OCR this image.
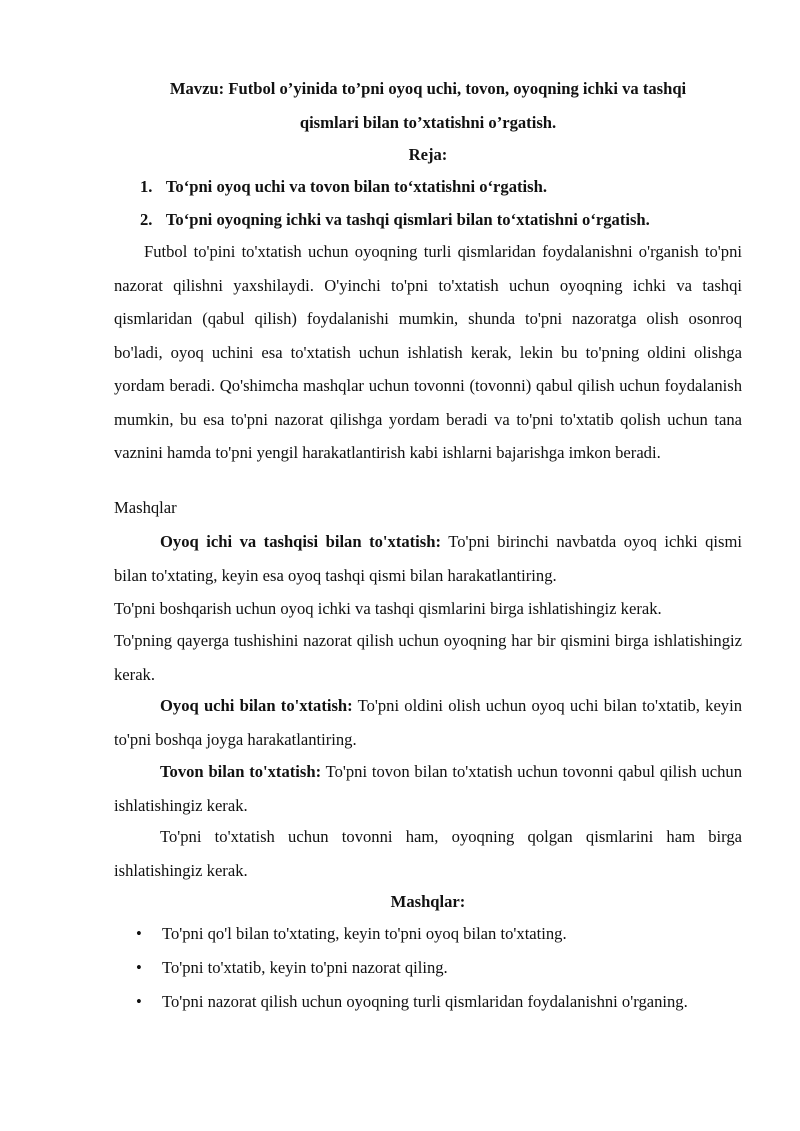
Mavzu: Futbol o’yinida to’pni oyoq uchi, tovon, oyoqning ichki va tashqi
qismlari bilan to’xtatishni o’rgatish.

Reja:

1. To‘pni oyoq uchi va tovon bilan to‘xtatishni o‘rgatish.

2. To‘pni oyoqning ichki va tashqi qismlari bilan to‘xtatishni o‘rgatish.

Futbol to'pini to'xtatish uchun oyoqning turli qismlaridan foydalanishni o'rganish to'pni nazorat qilishni yaxshilaydi. O'yinchi to'pni to'xtatish uchun oyoqning ichki va tashqi qismlaridan (qabul qilish) foydalanishi mumkin, shunda to'pni nazoratga olish osonroq bo'ladi, oyoq uchini esa to'xtatish uchun ishlatish kerak, lekin bu to'pning oldini olishga yordam beradi. Qo'shimcha mashqlar uchun tovonni (tovonni) qabul qilish uchun foydalanish mumkin, bu esa to'pni nazorat qilishga yordam beradi va to'pni to'xtatib qolish uchun tana vaznini hamda to'pni yengil harakatlantirish kabi ishlarni bajarishga imkon beradi.

Mashqlar

Oyoq ichi va tashqisi bilan to'xtatish: To'pni birinchi navbatda oyoq ichki qismi bilan to'xtating, keyin esa oyoq tashqi qismi bilan harakatlantiring.

To'pni boshqarish uchun oyoq ichki va tashqi qismlarini birga ishlatishingiz kerak.

To'pning qayerga tushishini nazorat qilish uchun oyoqning har bir qismini birga ishlatishingiz kerak.

Oyoq uchi bilan to'xtatish: To'pni oldini olish uchun oyoq uchi bilan to'xtatib, keyin to'pni boshqa joyga harakatlantiring.

Tovon bilan to'xtatish: To'pni tovon bilan to'xtatish uchun tovonni qabul qilish uchun ishlatishingiz kerak.

To'pni to'xtatish uchun tovonni ham, oyoqning qolgan qismlarini ham birga ishlatishingiz kerak.

Mashqlar:

• To'pni qo'l bilan to'xtating, keyin to'pni oyoq bilan to'xtating.
• To'pni to'xtatib, keyin to'pni nazorat qiling.
• To'pni nazorat qilish uchun oyoqning turli qismlaridan foydalanishni o'rganing.
